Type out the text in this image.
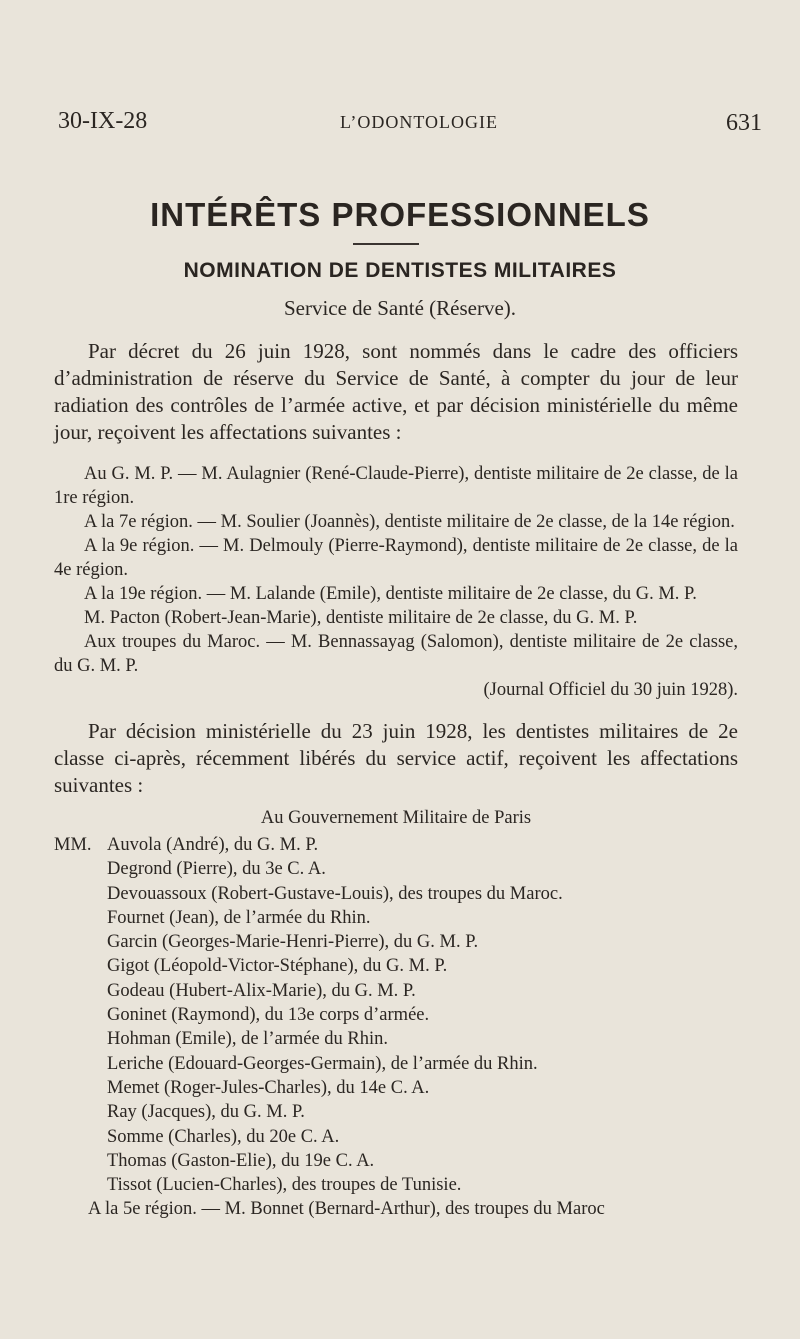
30-IX-28	L’ODONTOLOGIE	631
INTÉRÊTS PROFESSIONNELS
NOMINATION DE DENTISTES MILITAIRES
Service de Santé (Réserve).

Par décret du 26 juin 1928, sont nommés dans le cadre des officiers d’administration de réserve du Service de Santé, à compter du jour de leur radiation des contrôles de l’armée active, et par décision ministérielle du même jour, reçoivent les affectations suivantes :

Au G. M. P. — M. Aulagnier (René-Claude-Pierre), dentiste militaire de 2e classe, de la 1re région.

A la 7e région. — M. Soulier (Joannès), dentiste militaire de 2e classe, de la 14e région.

A la 9e région. — M. Delmouly (Pierre-Raymond), dentiste militaire de 2e classe, de la 4e région.

A la 19e région. — M. Lalande (Emile), dentiste militaire de 2e classe, du G. M. P.

M. Pacton (Robert-Jean-Marie), dentiste militaire de 2e classe, du G. M. P.

Aux troupes du Maroc. — M. Bennassayag (Salomon), dentiste militaire de 2e classe, du G. M. P.

(Journal Officiel du 30 juin 1928).

Par décision ministérielle du 23 juin 1928, les dentistes militaires de 2e classe ci-après, récemment libérés du service actif, reçoivent les affectations suivantes :

Au Gouvernement Militaire de Paris
MM. Auvola (André), du G. M. P.
Degrond (Pierre), du 3e C. A.
Devouassoux (Robert-Gustave-Louis), des troupes du Maroc.
Fournet (Jean), de l’armée du Rhin.
Garcin (Georges-Marie-Henri-Pierre), du G. M. P.
Gigot (Léopold-Victor-Stéphane), du G. M. P.
Godeau (Hubert-Alix-Marie), du G. M. P.
Goninet (Raymond), du 13e corps d’armée.
Hohman (Emile), de l’armée du Rhin.
Leriche (Edouard-Georges-Germain), de l’armée du Rhin.
Memet (Roger-Jules-Charles), du 14e C. A.
Ray (Jacques), du G. M. P.
Somme (Charles), du 20e C. A.
Thomas (Gaston-Elie), du 19e C. A.
Tissot (Lucien-Charles), des troupes de Tunisie.
A la 5e région. — M. Bonnet (Bernard-Arthur), des troupes du Maroc
